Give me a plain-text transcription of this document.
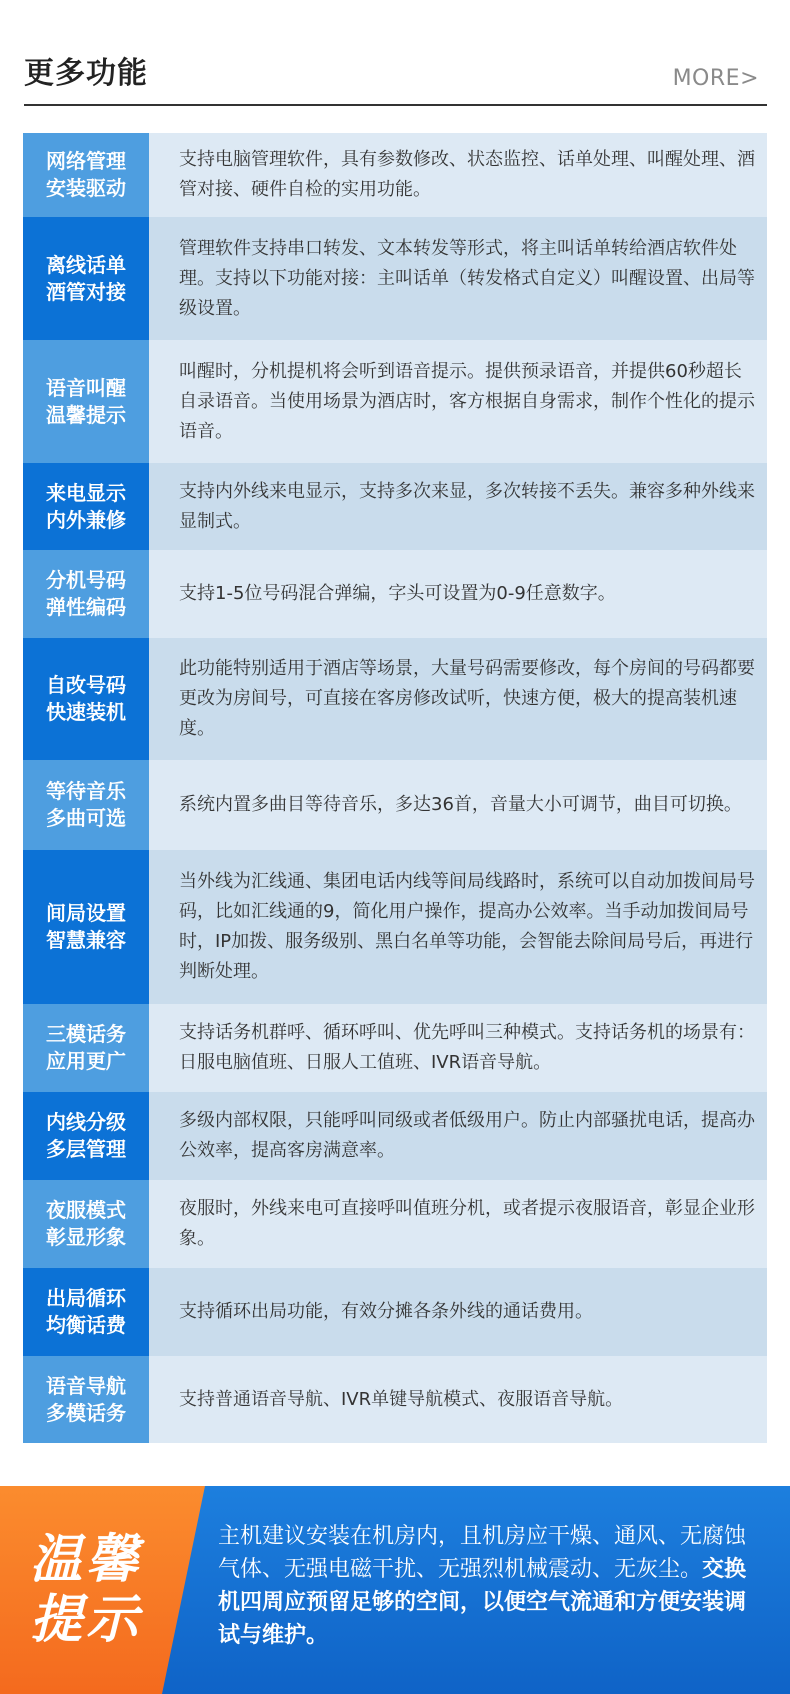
更多功能	MORE>
网络管理
安装驱动
支持电脑管理软件，具有参数修改、状态监控、话单处理、叫醒处理、酒管对接、硬件自检的实用功能。
离线话单
酒管对接
管理软件支持串口转发、文本转发等形式，将主叫话单转给酒店软件处理。支持以下功能对接：主叫话单（转发格式自定义）叫醒设置、出局等级设置。
语音叫醒
温馨提示
叫醒时，分机提机将会听到语音提示。提供预录语音，并提供60秒超长自录语音。当使用场景为酒店时，客方根据自身需求，制作个性化的提示语音。
来电显示
内外兼修
支持内外线来电显示，支持多次来显，多次转接不丢失。兼容多种外线来显制式。
分机号码
弹性编码
支持1-5位号码混合弹编，字头可设置为0-9任意数字。
自改号码
快速装机
此功能特别适用于酒店等场景，大量号码需要修改，每个房间的号码都要更改为房间号，可直接在客房修改试听，快速方便，极大的提高装机速度。
等待音乐
多曲可选
系统内置多曲目等待音乐，多达36首，音量大小可调节，曲目可切换。
间局设置
智慧兼容
当外线为汇线通、集团电话内线等间局线路时，系统可以自动加拨间局号码，比如汇线通的9，简化用户操作，提高办公效率。当手动加拨间局号时，IP加拨、服务级别、黑白名单等功能，会智能去除间局号后，再进行判断处理。
三模话务
应用更广
支持话务机群呼、循环呼叫、优先呼叫三种模式。支持话务机的场景有：日服电脑值班、日服人工值班、IVR语音导航。
内线分级
多层管理
多级内部权限，只能呼叫同级或者低级用户。防止内部骚扰电话，提高办公效率，提高客房满意率。
夜服模式
彰显形象
夜服时，外线来电可直接呼叫值班分机，或者提示夜服语音，彰显企业形象。
出局循环
均衡话费
支持循环出局功能，有效分摊各条外线的通话费用。
语音导航
多模话务
支持普通语音导航、IVR单键导航模式、夜服语音导航。
温馨
提示
主机建议安装在机房内，且机房应干燥、通风、无腐蚀气体、无强电磁干扰、无强烈机械震动、无灰尘。交换机四周应预留足够的空间，以便空气流通和方便安装调试与维护。
